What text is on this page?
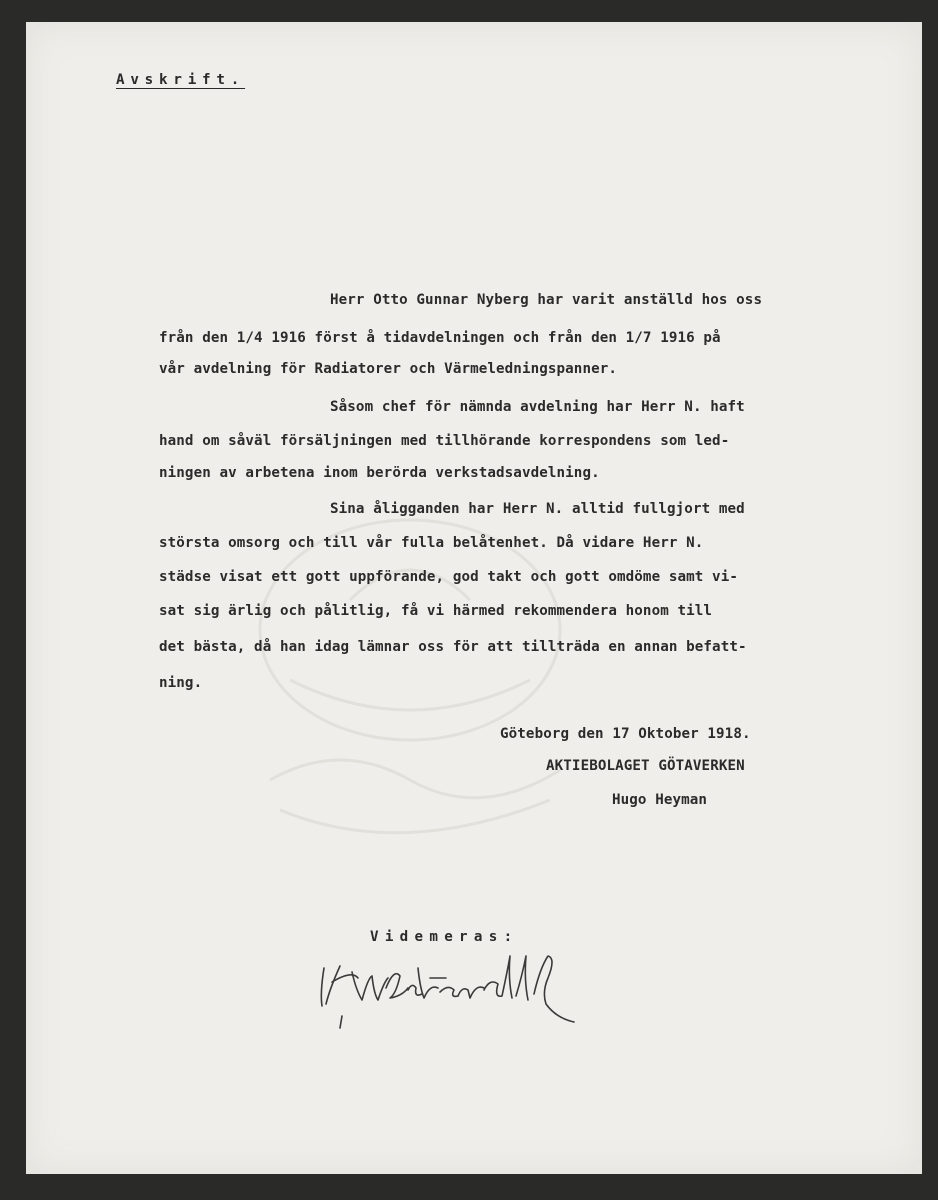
Avskrift.
Herr Otto Gunnar Nyberg har varit anställd hos oss
från den 1/4 1916 först å tidavdelningen och från den 1/7 1916 på
vår avdelning för Radiatorer och Värmeledningspanner.
Såsom chef för nämnda avdelning har Herr N. haft
hand om såväl försäljningen med tillhörande korrespondens som led-
ningen av arbetena inom berörda verkstadsavdelning.
Sina åligganden har Herr N. alltid fullgjort med
största omsorg och till vår fulla belåtenhet. Då vidare Herr N.
städse visat ett gott uppförande, god takt och gott omdöme samt vi-
sat sig ärlig och pålitlig, få vi härmed rekommendera honom till
det bästa, då han idag lämnar oss för att tillträda en annan befatt-
ning.
Göteborg den 17 Oktober 1918.
AKTIEBOLAGET GÖTAVERKEN
Hugo Heyman
Videmeras:
